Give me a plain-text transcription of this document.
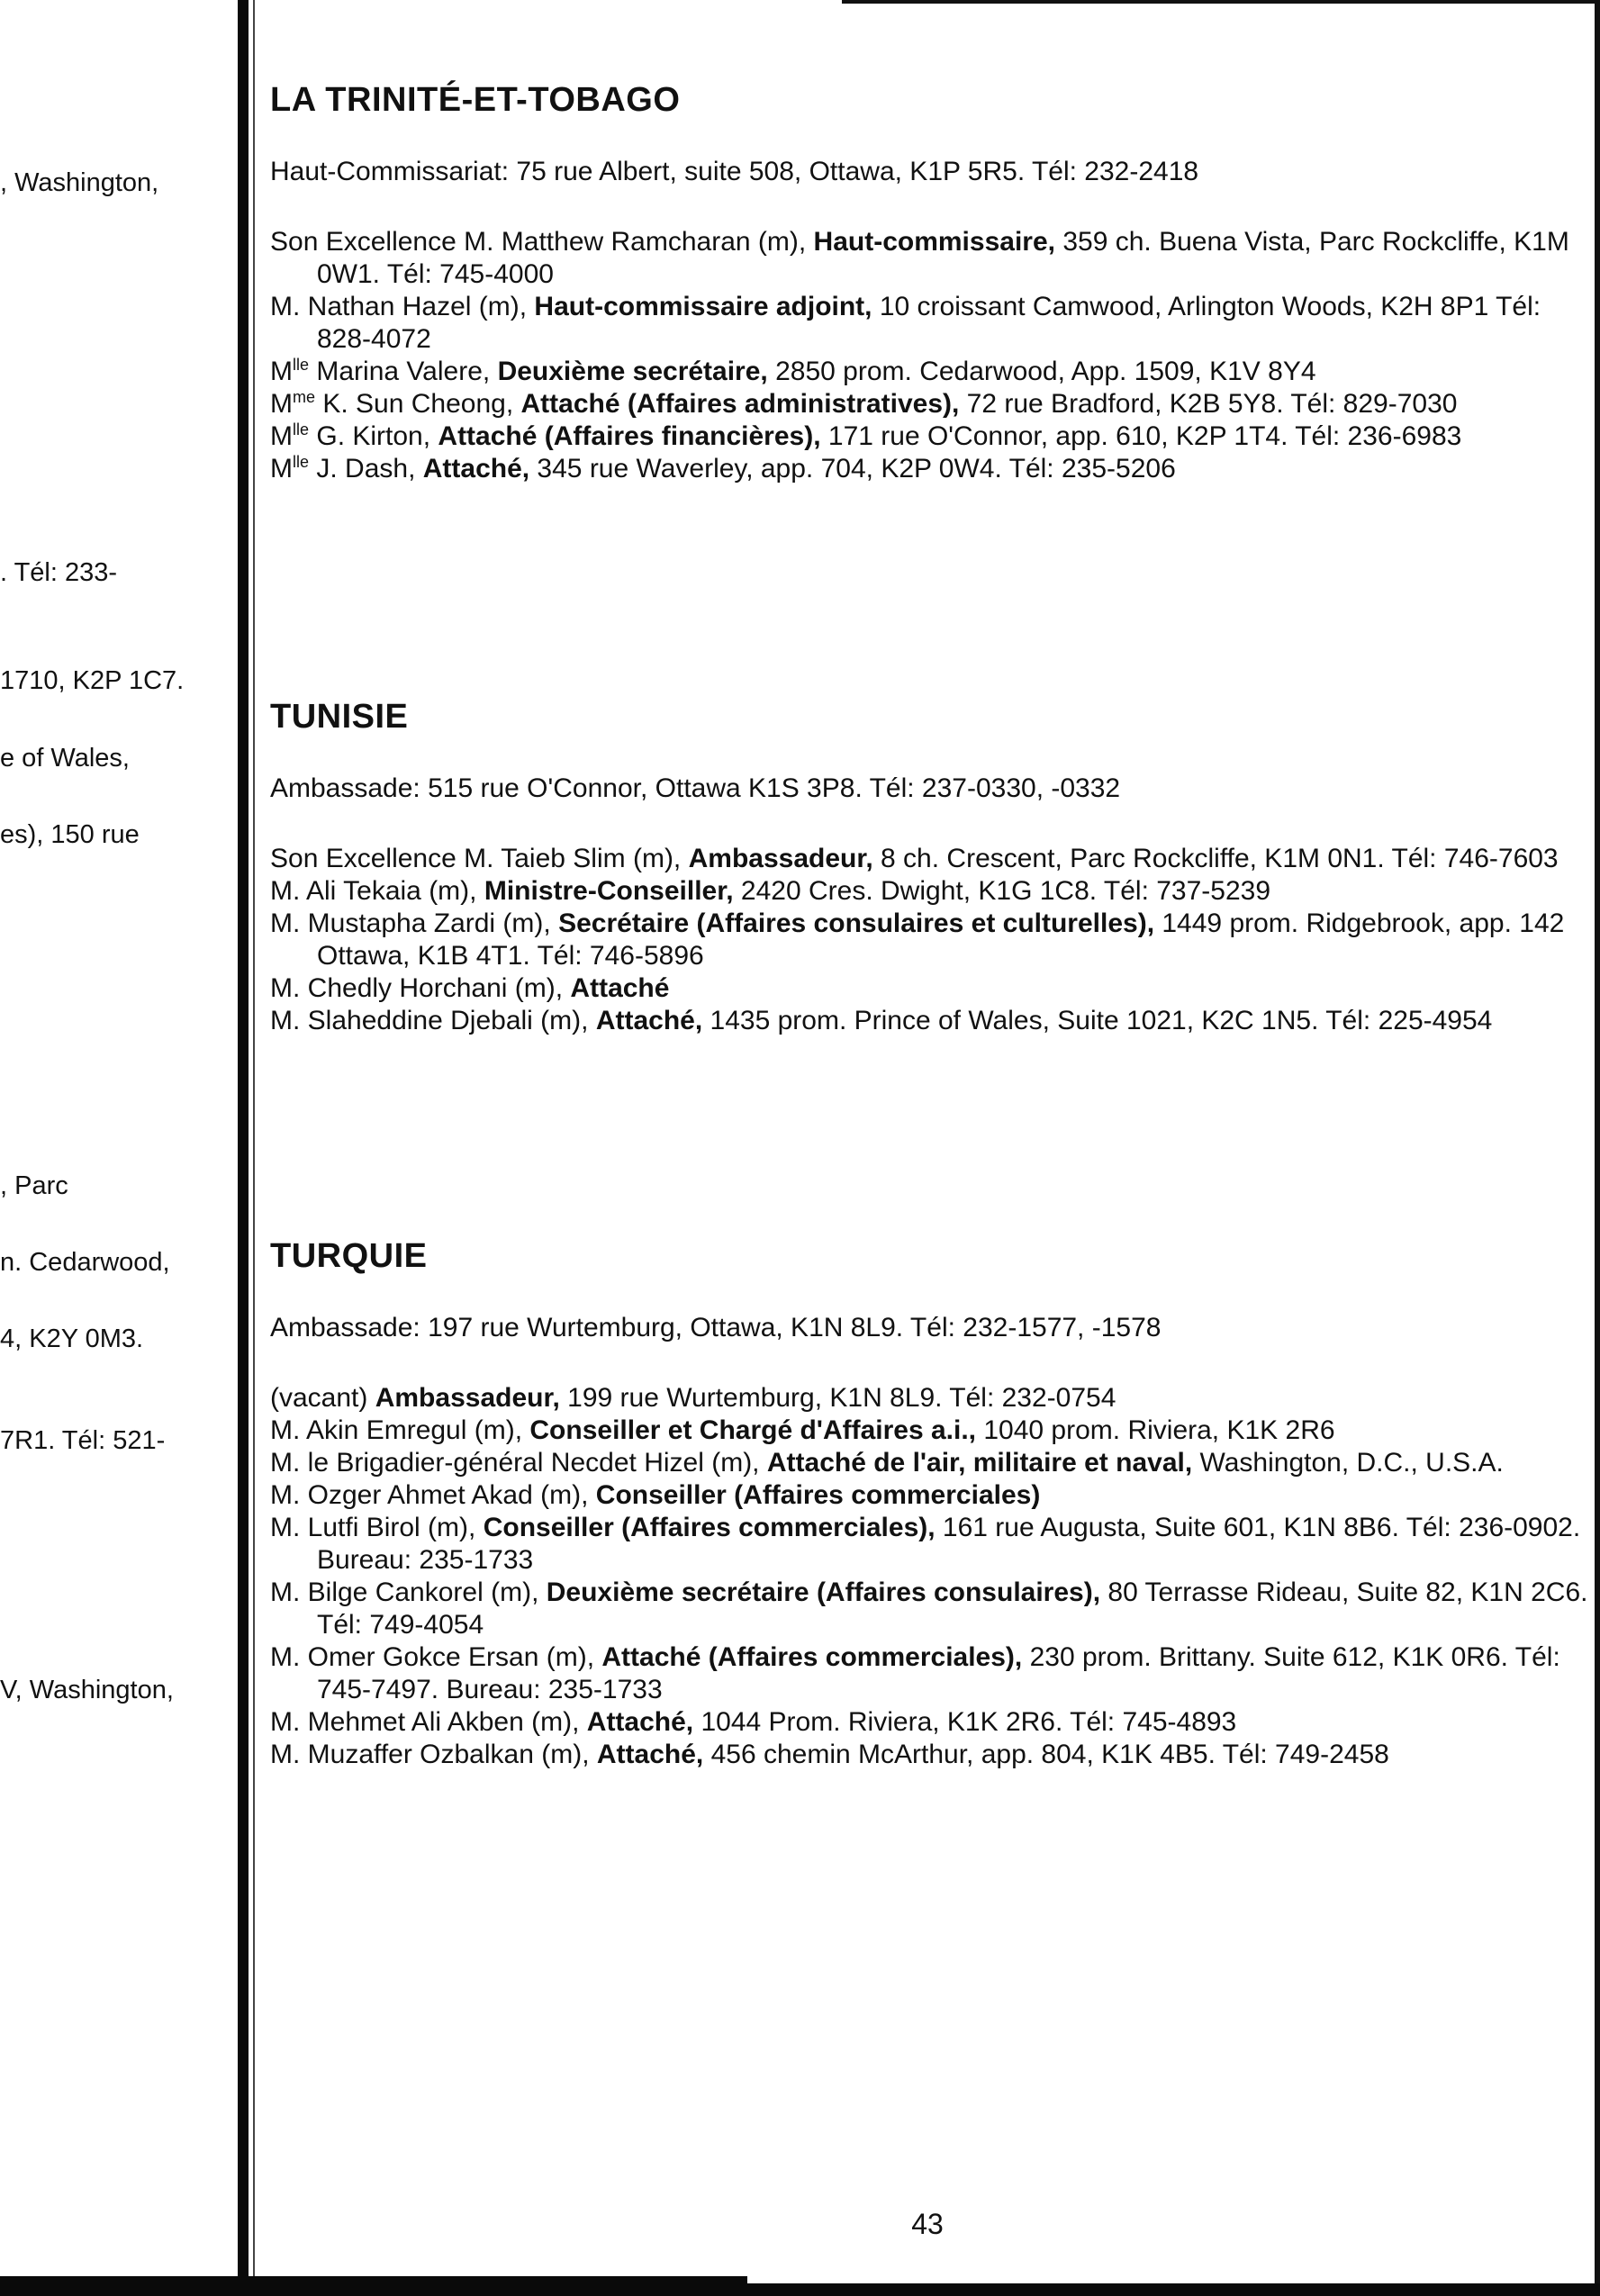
, Washington,
. Tél: 233-
1710, K2P 1C7.
e of Wales,
es), 150 rue
, Parc
n. Cedarwood,
4, K2Y 0M3.
7R1. Tél: 521-
V, Washington,
LA TRINITÉ-ET-TOBAGO

Haut-Commissariat: 75 rue Albert, suite 508, Ottawa, K1P 5R5. Tél: 232-2418

Son Excellence M. Matthew Ramcharan (m), Haut-commissaire, 359 ch. Buena Vista, Parc Rockcliffe, K1M 0W1. Tél: 745-4000

M. Nathan Hazel (m), Haut-commissaire adjoint, 10 croissant Camwood, Arlington Woods, K2H 8P1 Tél: 828-4072

$M^{lle}$ Marina Valere, Deuxième secrétaire, 2850 prom. Cedarwood, App. 1509, K1V 8Y4

$M^{me}$ K. Sun Cheong, Attaché (Affaires administratives), 72 rue Bradford, K2B 5Y8. Tél: 829-7030

$M^{lle}$ G. Kirton, Attaché (Affaires financières), 171 rue O'Connor, app. 610, K2P 1T4. Tél: 236-6983

$M^{lle}$ J. Dash, Attaché, 345 rue Waverley, app. 704, K2P 0W4. Tél: 235-5206

TUNISIE

Ambassade: 515 rue O'Connor, Ottawa K1S 3P8. Tél: 237-0330, -0332

Son Excellence M. Taieb Slim (m), Ambassadeur, 8 ch. Crescent, Parc Rockcliffe, K1M 0N1. Tél: 746-7603

M. Ali Tekaia (m), Ministre-Conseiller, 2420 Cres. Dwight, K1G 1C8. Tél: 737-5239

M. Mustapha Zardi (m), Secrétaire (Affaires consulaires et culturelles), 1449 prom. Ridgebrook, app. 142 Ottawa, K1B 4T1. Tél: 746-5896

M. Chedly Horchani (m), Attaché

M. Slaheddine Djebali (m), Attaché, 1435 prom. Prince of Wales, Suite 1021, K2C 1N5. Tél: 225-4954

TURQUIE

Ambassade: 197 rue Wurtemburg, Ottawa, K1N 8L9. Tél: 232-1577, -1578

(vacant) Ambassadeur, 199 rue Wurtemburg, K1N 8L9. Tél: 232-0754

M. Akin Emregul (m), Conseiller et Chargé d'Affaires a.i., 1040 prom. Riviera, K1K 2R6

M. le Brigadier-général Necdet Hizel (m), Attaché de l'air, militaire et naval, Washington, D.C., U.S.A.

M. Ozger Ahmet Akad (m), Conseiller (Affaires commerciales)

M. Lutfi Birol (m), Conseiller (Affaires commerciales), 161 rue Augusta, Suite 601, K1N 8B6. Tél: 236-0902. Bureau: 235-1733

M. Bilge Cankorel (m), Deuxième secrétaire (Affaires consulaires), 80 Terrasse Rideau, Suite 82, K1N 2C6. Tél: 749-4054

M. Omer Gokce Ersan (m), Attaché (Affaires commerciales), 230 prom. Brittany. Suite 612, K1K 0R6. Tél: 745-7497. Bureau: 235-1733

M. Mehmet Ali Akben (m), Attaché, 1044 Prom. Riviera, K1K 2R6. Tél: 745-4893

M. Muzaffer Ozbalkan (m), Attaché, 456 chemin McArthur, app. 804, K1K 4B5. Tél: 749-2458

43
